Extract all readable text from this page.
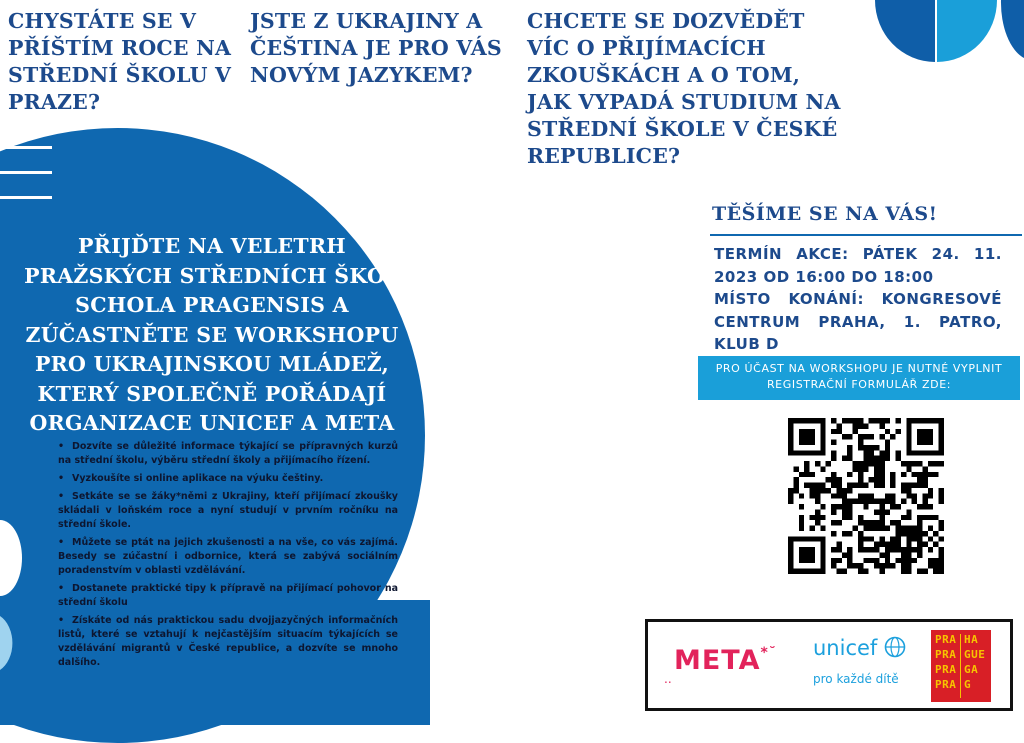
CHYSTÁTE SE V PŘÍŠTÍM ROCE NA STŘEDNÍ ŠKOLU V PRAZE?

JSTE Z UKRAJINY A ČEŠTINA JE PRO VÁS NOVÝM JAZYKEM?

CHCETE SE DOZVĚDĚT VÍC O PŘIJÍMACÍCH ZKOUŠKÁCH A O TOM, JAK VYPADÁ STUDIUM NA STŘEDNÍ ŠKOLE V ČESKÉ REPUBLICE?

PŘIJĎTE NA VELETRH PRAŽSKÝCH STŘEDNÍCH ŠKOL SCHOLA PRAGENSIS A ZÚČASTNĚTE SE WORKSHOPU PRO UKRAJINSKOU MLÁDEŽ, KTERÝ SPOLEČNĚ POŘÁDAJÍ ORGANIZACE UNICEF A META
• Dozvíte se důležité informace týkající se přípravných kurzů na střední školu, výběru střední školy a přijímacího řízení.
• Vyzkoušíte si online aplikace na výuku češtiny.
• Setkáte se se žáky*němi z Ukrajiny, kteří přijímací zkoušky skládali v loňském roce a nyní studují v prvním ročníku na střední škole.
• Můžete se ptát na jejich zkušenosti a na vše, co vás zajímá. Besedy se zúčastní i odbornice, která se zabývá sociálním poradenstvím v oblasti vzdělávání.
• Dostanete praktické tipy k přípravě na přijímací pohovor na střední školu
• Získáte od nás praktickou sadu dvojjazyčných informačních listů, které se vztahují k nejčastějším situacím týkajících se vzdělávání migrantů v České republice, a dozvíte se mnoho dalšího.
TĚŠÍME SE NA VÁS!
TERMÍN AKCE: PÁTEK 24. 11. 2023 OD 16:00 DO 18:00
MÍSTO KONÁNÍ: KONGRESOVÉ CENTRUM PRAHA, 1. PATRO, KLUB D
PRO ÚČAST NA WORKSHOPU JE NUTNÉ VYPLNIT REGISTRAČNÍ FORMULÁŘ ZDE:
..
META*˘ unicef
pro každé dítě
PRA
PRA
PRA
PRA
HA
GUE
GA
G
